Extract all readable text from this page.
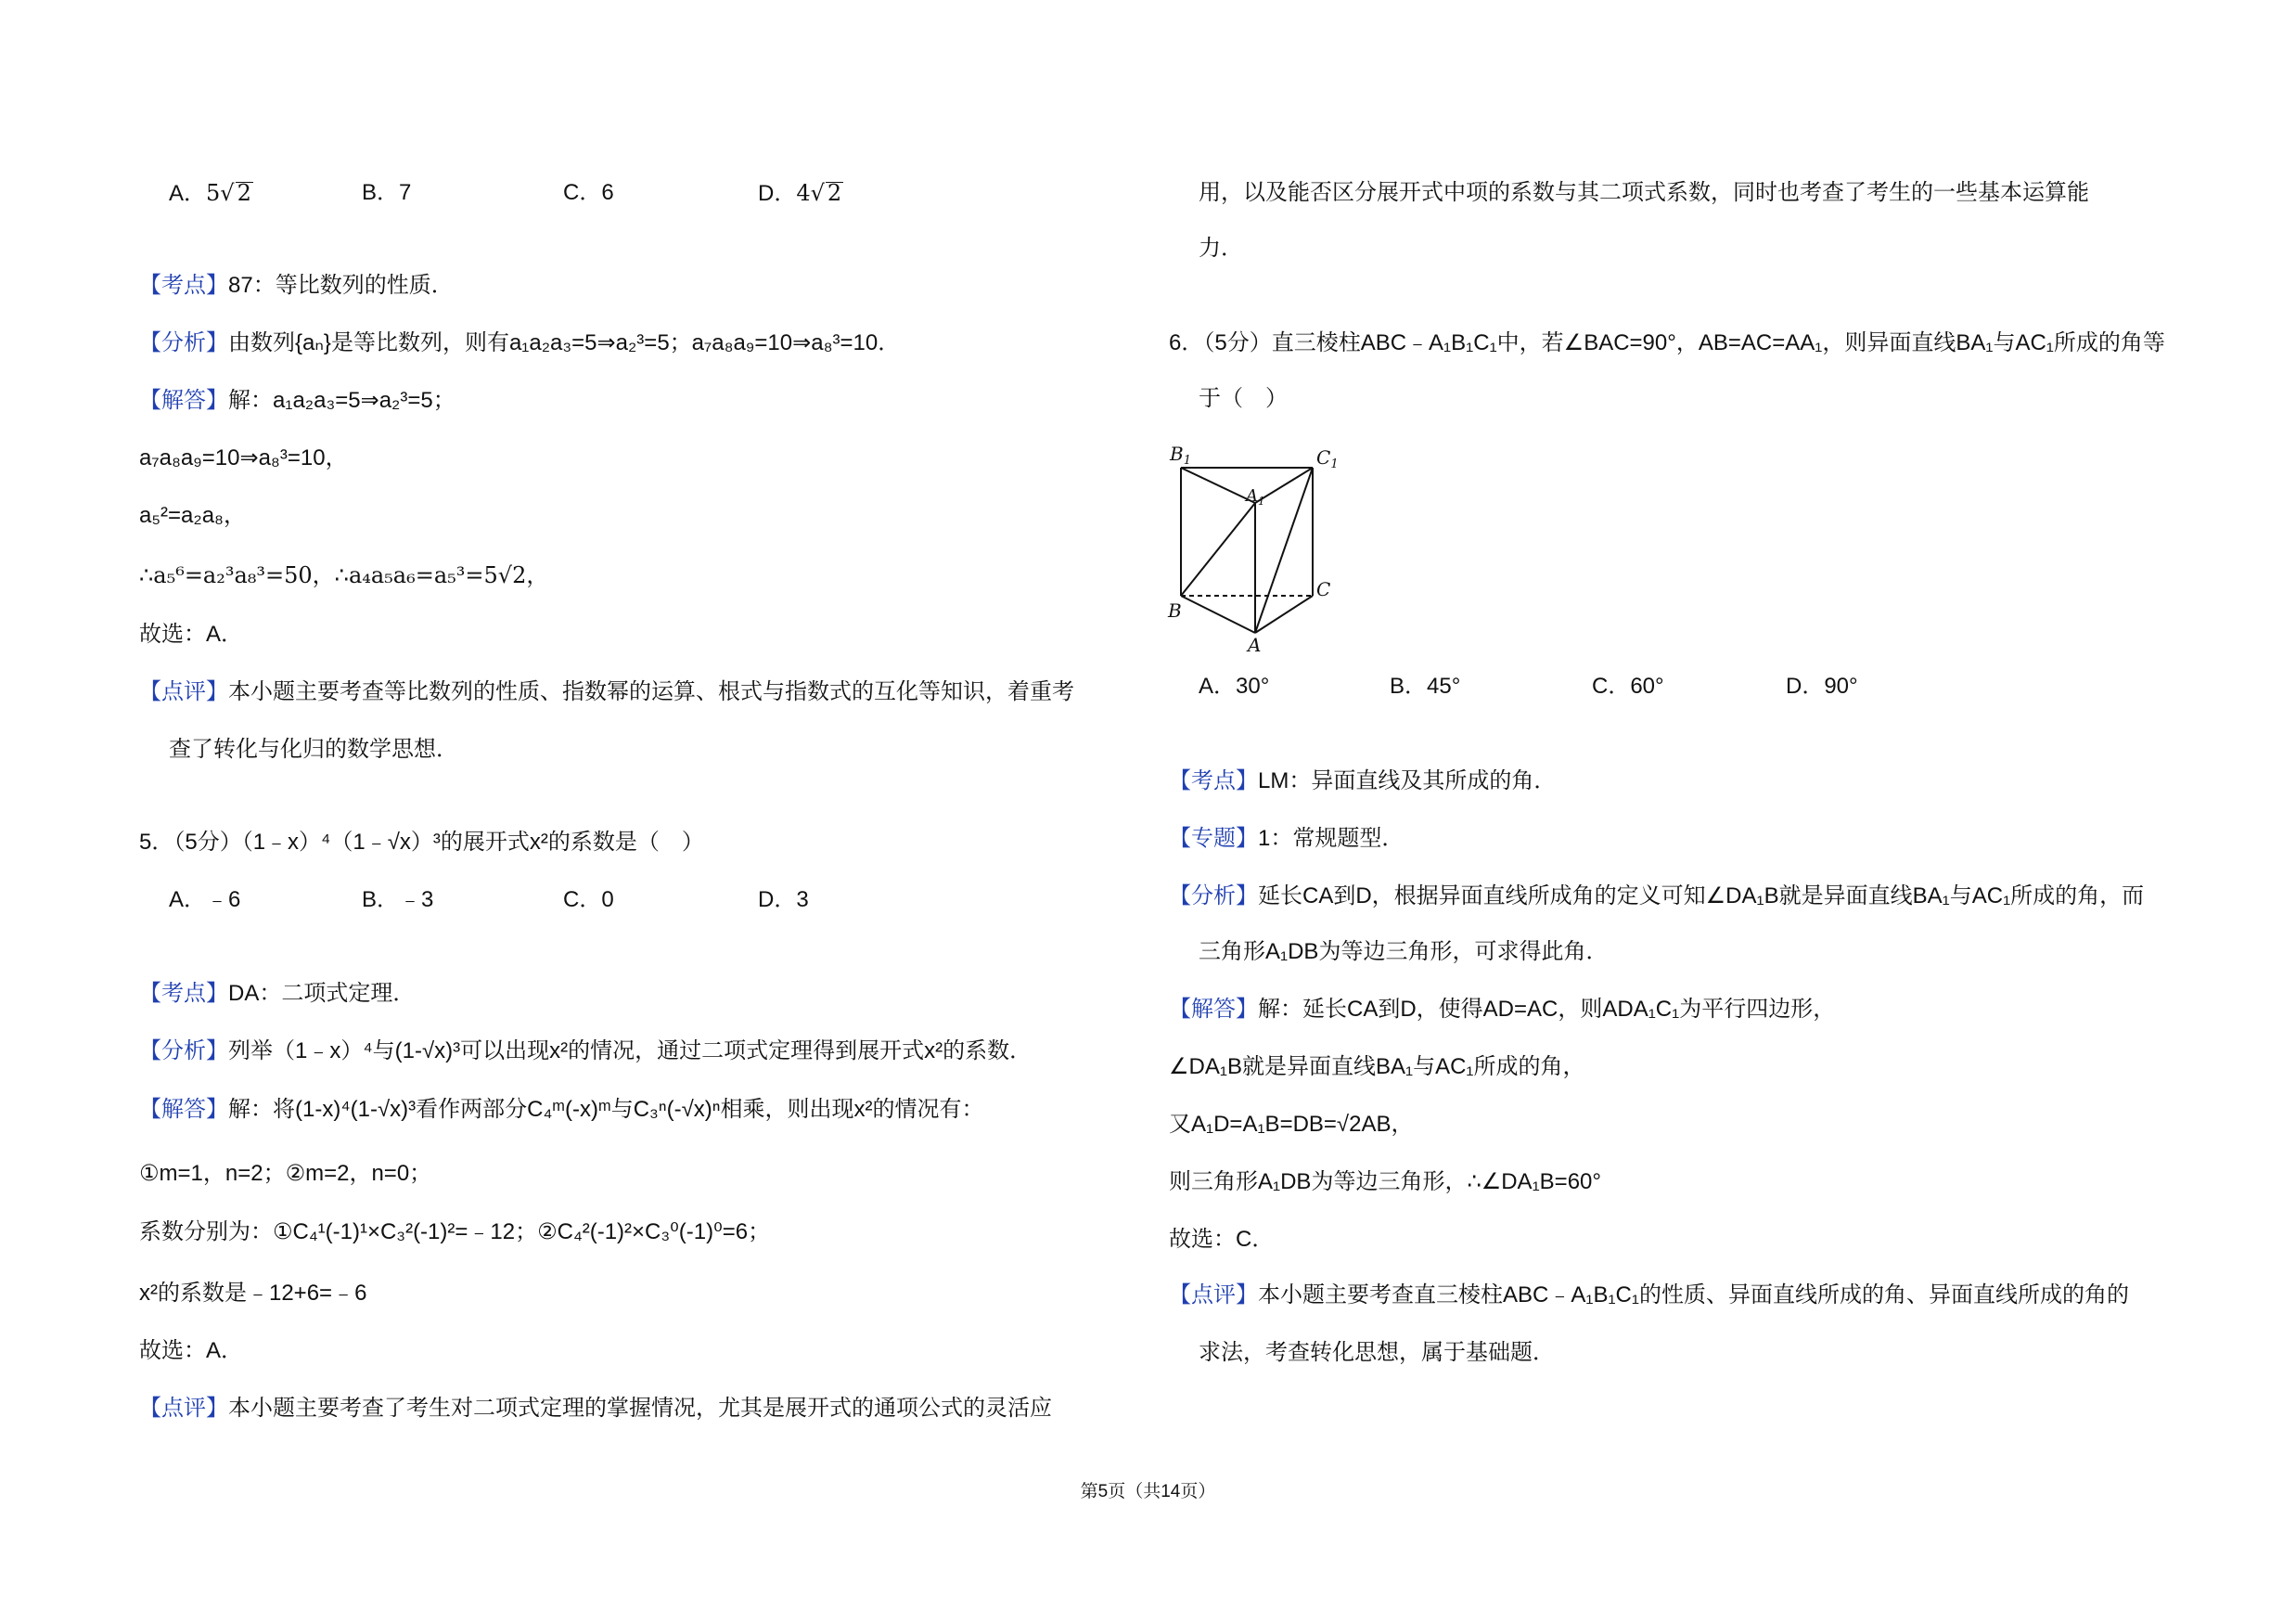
A．5√ 2	B．7	C．6	D．4√ 2
【考点】87：等比数列的性质．
【分析】由数列{aₙ}是等比数列，则有a₁a₂a₃=5⇒a₂³=5；a₇a₈a₉=10⇒a₈³=10．
【解答】解：a₁a₂a₃=5⇒a₂³=5；
a₇a₈a₉=10⇒a₈³=10，
a₅²=a₂a₈，
∴a₅⁶=a₂³a₈³=50，∴a₄a₅a₆=a₅³=5√2，
故选：A．
【点评】本小题主要考查等比数列的性质、指数幂的运算、根式与指数式的互化等知识，着重考
查了转化与化归的数学思想．
5．（5分）（1﹣x）⁴（1﹣√x）³的展开式x²的系数是（　）
A．﹣6	B．﹣3	C．0	D．3
【考点】DA：二项式定理．
【分析】列举（1﹣x）⁴与(1-√x)³可以出现x²的情况，通过二项式定理得到展开式x²的系数．
【解答】解：将(1-x)⁴(1-√x)³看作两部分C₄ᵐ(-x)ᵐ与C₃ⁿ(-√x)ⁿ相乘，则出现x²的情况有：
①m=1，n=2；②m=2，n=0；
系数分别为：①C₄¹(-1)¹×C₃²(-1)²=﹣12；②C₄²(-1)²×C₃⁰(-1)⁰=6；
x²的系数是﹣12+6=﹣6
故选：A．
【点评】本小题主要考查了考生对二项式定理的掌握情况，尤其是展开式的通项公式的灵活应
用，以及能否区分展开式中项的系数与其二项式系数，同时也考查了考生的一些基本运算能
力．
6．（5分）直三棱柱ABC﹣A₁B₁C₁中，若∠BAC=90°，AB=AC=AA₁，则异面直线BA₁与AC₁所成的角等
于（　）
$B_1$	$C_1$
$A_1$
B
C
A
A．30°	B．45°	C．60°	D．90°
【考点】LM：异面直线及其所成的角．
【专题】1：常规题型．
【分析】延长CA到D，根据异面直线所成角的定义可知∠DA₁B就是异面直线BA₁与AC₁所成的角，而
三角形A₁DB为等边三角形，可求得此角．
【解答】解：延长CA到D，使得AD=AC，则ADA₁C₁为平行四边形，
∠DA₁B就是异面直线BA₁与AC₁所成的角，
又A₁D=A₁B=DB=√2AB，
则三角形A₁DB为等边三角形，∴∠DA₁B=60°
故选：C．
【点评】本小题主要考查直三棱柱ABC﹣A₁B₁C₁的性质、异面直线所成的角、异面直线所成的角的
求法，考查转化思想，属于基础题．
第5页（共14页）
